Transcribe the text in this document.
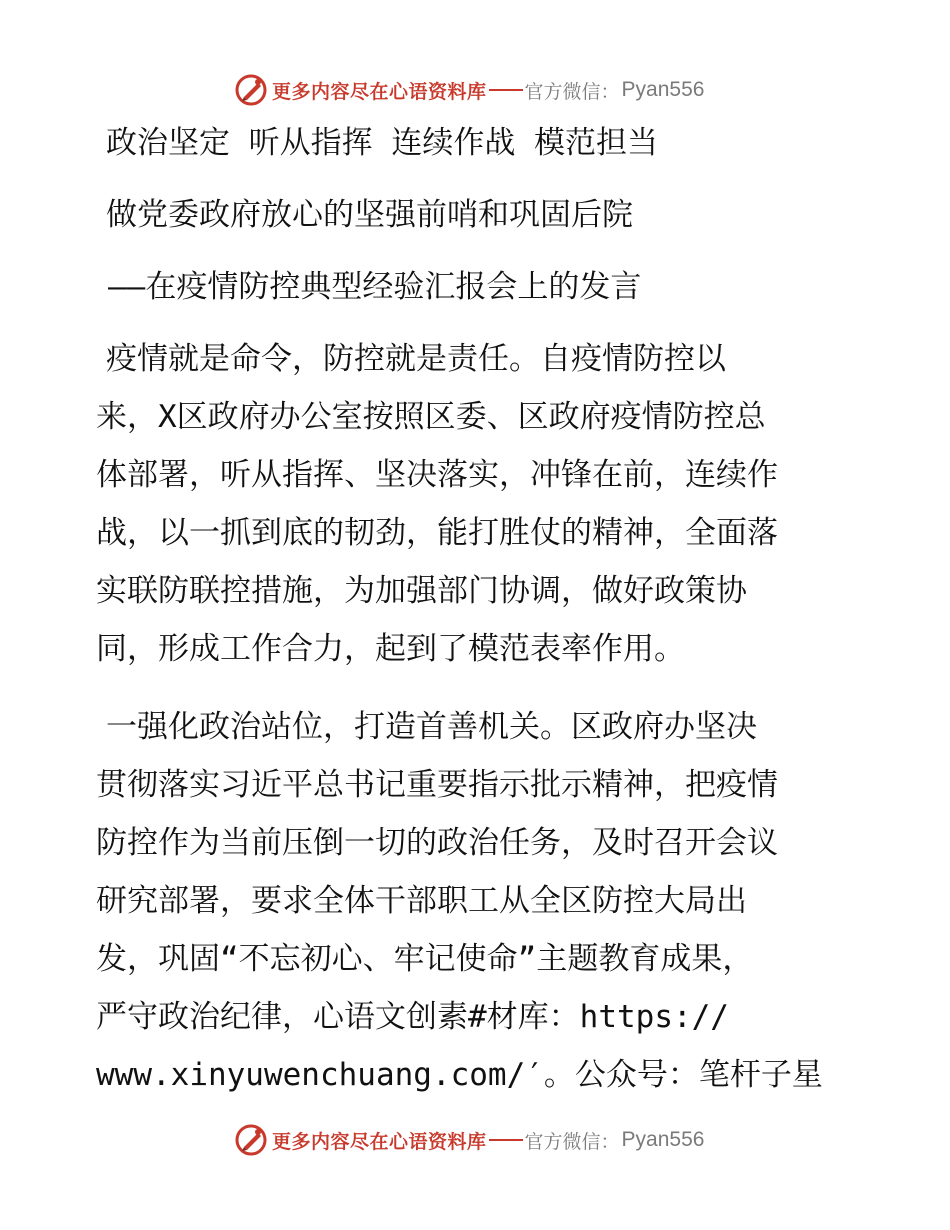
更多内容尽在心语资料库 官方微信： Pyan556
政治坚定 听从指挥 连续作战 模范担当
做党委政府放心的坚强前哨和巩固后院
——在疫情防控典型经验汇报会上的发言
疫情就是命令，防控就是责任。自疫情防控以
来，X区政府办公室按照区委、区政府疫情防控总
体部署，听从指挥、坚决落实，冲锋在前，连续作
战，以一抓到底的韧劲，能打胜仗的精神，全面落
实联防联控措施，为加强部门协调，做好政策协
同，形成工作合力，起到了模范表率作用。
一强化政治站位，打造首善机关。区政府办坚决
贯彻落实习近平总书记重要指示批示精神，把疫情
防控作为当前压倒一切的政治任务，及时召开会议
研究部署，要求全体干部职工从全区防控大局出
发，巩固“不忘初心、牢记使命”主题教育成果，
严守政治纪律，心语文创素#材库：https://
www.xinyuwenchuang.com/′。公众号：笔杆子星
更多内容尽在心语资料库 官方微信： Pyan556
